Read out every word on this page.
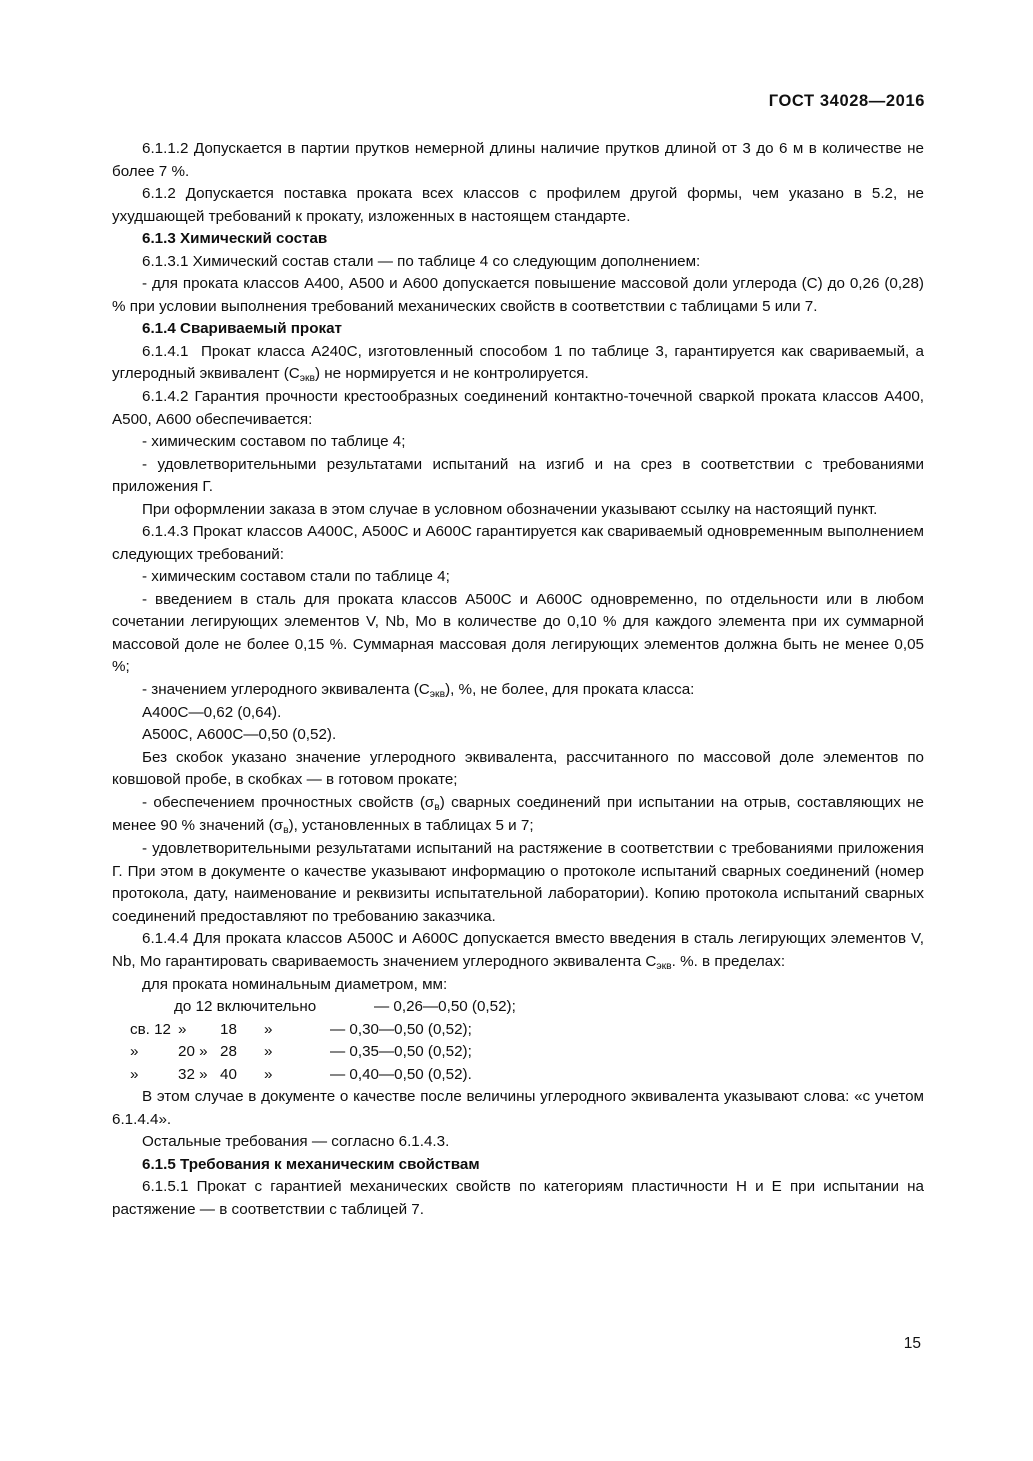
ГОСТ 34028—2016

6.1.1.2 Допускается в партии прутков немерной длины наличие прутков длиной от 3 до 6 м в количестве не более 7 %.

6.1.2 Допускается поставка проката всех классов с профилем другой формы, чем указано в 5.2, не ухудшающей требований к прокату, изложенных в настоящем стандарте.

6.1.3 Химический состав

6.1.3.1 Химический состав стали — по таблице 4 со следующим дополнением:

- для проката классов А400, А500 и А600 допускается повышение массовой доли углерода (С) до 0,26 (0,28) % при условии выполнения требований механических свойств в соответствии с таблицами 5 или 7.

6.1.4 Свариваемый прокат

6.1.4.1  Прокат класса А240С, изготовленный способом 1 по таблице 3, гарантируется как свариваемый, а углеродный эквивалент $(С_{экв})$ не нормируется и не контролируется.

6.1.4.2 Гарантия прочности крестообразных соединений контактно-точечной сваркой проката классов А400, А500, А600 обеспечивается:

- химическим составом по таблице 4;

- удовлетворительными результатами испытаний на изгиб и на срез в соответствии с требованиями приложения Г.

При оформлении заказа в этом случае в условном обозначении указывают ссылку на настоящий пункт.

6.1.4.3 Прокат классов А400С, А500С и А600С гарантируется как свариваемый одновременным выполнением следующих требований:

- химическим составом стали по таблице 4;

- введением в сталь для проката классов А500С и А600С одновременно, по отдельности или в любом сочетании легирующих элементов V, Nb, Мо в количестве до 0,10 % для каждого элемента при их суммарной массовой доле не более 0,15 %. Суммарная массовая доля легирующих элементов должна быть не менее 0,05 %;

- значением углеродного эквивалента $(С_{экв})$, %, не более, для проката класса:

А400С—0,62 (0,64).

А500С, А600С—0,50 (0,52).

Без скобок указано значение углеродного эквивалента, рассчитанного по массовой доле элементов по ковшовой пробе, в скобках — в готовом прокате;

- обеспечением прочностных свойств $(\sigma_в)$ сварных соединений при испытании на отрыв, составляющих не менее 90 % значений $(\sigma_в)$, установленных в таблицах 5 и 7;

- удовлетворительными результатами испытаний на растяжение в соответствии с требованиями приложения Г. При этом в документе о качестве указывают информацию о протоколе испытаний сварных соединений (номер протокола, дату, наименование и реквизиты испытательной лаборатории). Копию протокола испытаний сварных соединений предоставляют по требованию заказчика.

6.1.4.4 Для проката классов А500С и А600С допускается вместо введения в сталь легирующих элементов V, Nb, Мо гарантировать свариваемость значением углеродного эквивалента $С_{экв}$. %. в пределах:

для проката номинальным диаметром, мм:

до 12 включительно	— 0,26—0,50 (0,52);
св. 12 » 18 »	— 0,30—0,50 (0,52);
»	20 » 28 »	— 0,35—0,50 (0,52);
»	32 » 40 »	— 0,40—0,50 (0,52).

В этом случае в документе о качестве после величины углеродного эквивалента указывают слова: «с учетом 6.1.4.4».

Остальные требования — согласно 6.1.4.3.

6.1.5 Требования к механическим свойствам

6.1.5.1 Прокат с гарантией механических свойств по категориям пластичности Н и Е при испытании на растяжение — в соответствии с таблицей 7.

15
